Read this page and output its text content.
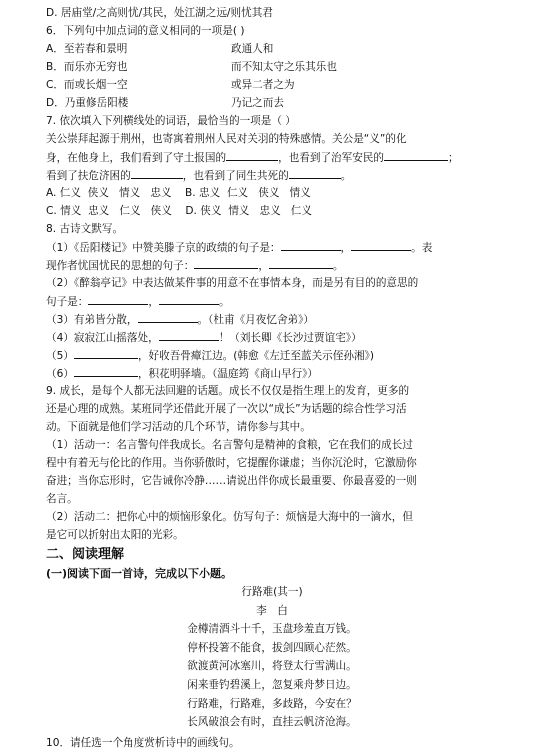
D. 居庙堂/之高则忧/其民，处江湖之远/则忧其君
6．下列句中加点词的意义相同的一项是( )
A．至若春和景明	政通人和
B．而乐亦无穷也	而不知太守之乐其乐也
C．而或长烟一空	或异二者之为
D．乃重修岳阳楼	乃记之而去
7. 依次填入下列横线处的词语，最恰当的一项是（ ）
关公崇拜起源于荆州，也寄寓着荆州人民对关羽的特殊感情。关公是“义”的化
身，在他身上，我们看到了守土报国的	，也看到了治军安民的	；
看到了扶危济困的	，也看到了同生共死的	。
A. 仁义 侠义 情义 忠义 B. 忠义 仁义 侠义 情义
C. 情义 忠义 仁义 侠义 D. 侠义 情义 忠义 仁义
8. 古诗文默写。
（1）《岳阳楼记》中赞美滕子京的政绩的句子是：	，	。表
现作者忧国忧民的思想的句子：	，	。
（2）《醉翁亭记》中表达做某件事的用意不在事情本身，而是另有目的的意思的
句子是：	，	。
（3）有弟皆分散，	。（杜甫《月夜忆舍弟》）
（4）寂寂江山摇落处，	！（刘长卿《长沙过贾谊宅》）
（5）	，好收吾骨瘴江边。(韩愈《左迁至蓝关示侄孙湘》)
（6）	，积花明驿墙。（温庭筠《商山早行》）
9. 成长，是每个人都无法回避的话题。成长不仅仅是指生理上的发育，更多的
还是心理的成熟。某班同学还借此开展了一次以“成长”为话题的综合性学习活
动。下面就是他们学习活动的几个环节，请你参与其中。
（1）活动一：名言警句伴我成长。名言警句是精神的食粮，它在我们的成长过
程中有着无与伦比的作用。当你骄傲时，它提醒你谦虚；当你沉沦时，它激励你
奋进；当你忘形时，它告诫你冷静……请说出伴你成长最重要、你最喜爱的一则
名言。
（2）活动二：把你心中的烦恼形象化。仿写句子：烦恼是大海中的一滴水，但
是它可以折射出太阳的光彩。
二、阅读理解
(一)阅读下面一首诗，完成以下小题。
行路难(其一)
李　白
金樽清酒斗十千，玉盘珍羞直万钱。
停杯投箸不能食，拔剑四顾心茫然。
欲渡黄河冰塞川，将登太行雪满山。
闲来垂钓碧溪上，忽复乘舟梦日边。
行路难，行路难，多歧路，今安在？
长风破浪会有时，直挂云帆济沧海。
10．请任选一个角度赏析诗中的画线句。
